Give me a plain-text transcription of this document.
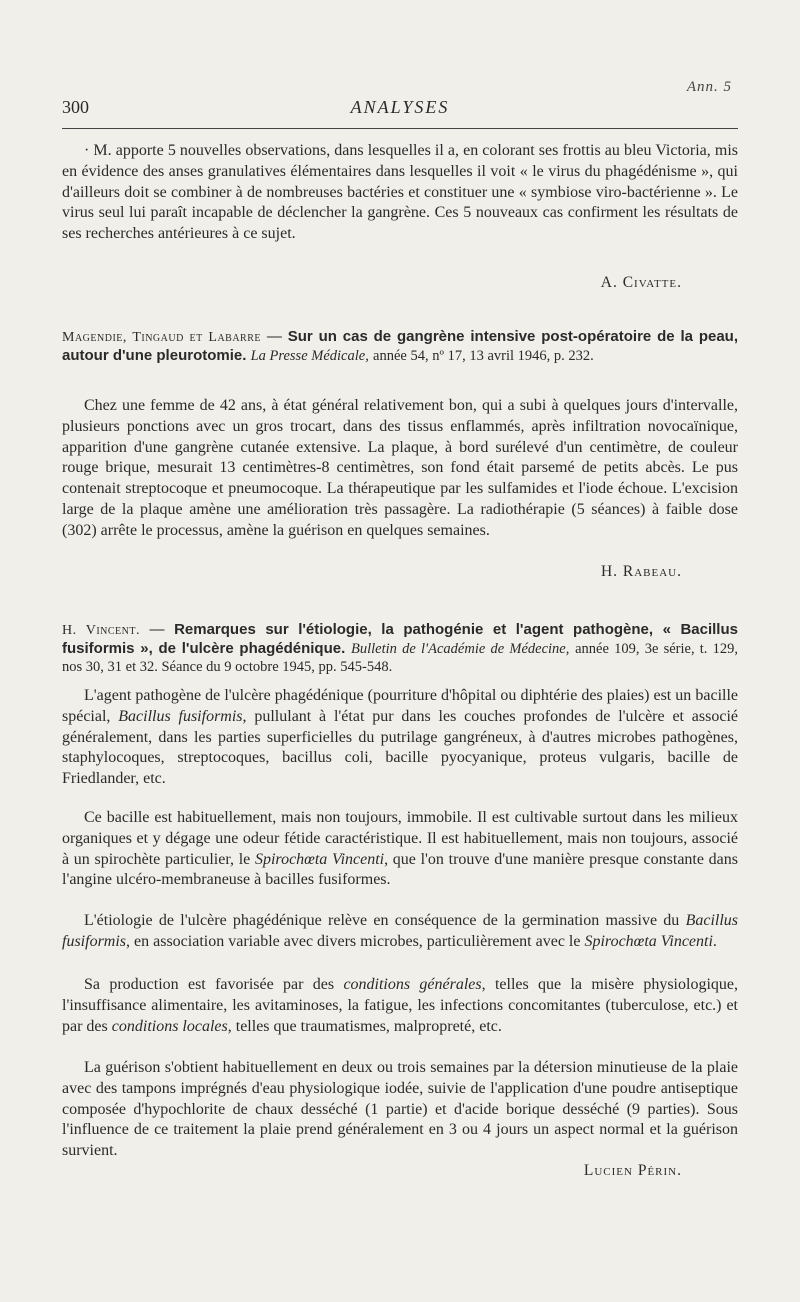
Ann. 5
300	ANALYSES

· M. apporte 5 nouvelles observations, dans lesquelles il a, en colorant ses frottis au bleu Victoria, mis en évidence des anses granulatives élémentaires dans lesquelles il voit « le virus du phagédénisme », qui d'ailleurs doit se combiner à de nombreuses bactéries et constituer une « symbiose viro-bactérienne ». Le virus seul lui paraît incapable de déclencher la gangrène. Ces 5 nouveaux cas confirment les résultats de ses recherches antérieures à ce sujet.

A. Civatte.

Magendie, Tingaud et Labarre — Sur un cas de gangrène intensive post-opératoire de la peau, autour d'une pleurotomie. La Presse Médicale, année 54, nº 17, 13 avril 1946, p. 232.

Chez une femme de 42 ans, à état général relativement bon, qui a subi à quelques jours d'intervalle, plusieurs ponctions avec un gros trocart, dans des tissus enflammés, après infiltration novocaïnique, apparition d'une gangrène cutanée extensive. La plaque, à bord surélevé d'un centimètre, de couleur rouge brique, mesurait 13 centimètres-8 centimètres, son fond était parsemé de petits abcès. Le pus contenait streptocoque et pneumocoque. La thérapeutique par les sulfamides et l'iode échoue. L'excision large de la plaque amène une amélioration très passagère. La radiothérapie (5 séances) à faible dose (302) arrête le processus, amène la guérison en quelques semaines.

H. Rabeau.

H. Vincent. — Remarques sur l'étiologie, la pathogénie et l'agent pathogène, « Bacillus fusiformis », de l'ulcère phagédénique. Bulletin de l'Académie de Médecine, année 109, 3e série, t. 129, nos 30, 31 et 32. Séance du 9 octobre 1945, pp. 545-548.

L'agent pathogène de l'ulcère phagédénique (pourriture d'hôpital ou diphtérie des plaies) est un bacille spécial, Bacillus fusiformis, pullulant à l'état pur dans les couches profondes de l'ulcère et associé généralement, dans les parties superficielles du putrilage gangréneux, à d'autres microbes pathogènes, staphylocoques, streptocoques, bacillus coli, bacille pyocyanique, proteus vulgaris, bacille de Friedlander, etc.

Ce bacille est habituellement, mais non toujours, immobile. Il est cultivable surtout dans les milieux organiques et y dégage une odeur fétide caractéristique. Il est habituellement, mais non toujours, associé à un spirochète particulier, le Spirochœta Vincenti, que l'on trouve d'une manière presque constante dans l'angine ulcéro-membraneuse à bacilles fusiformes.

L'étiologie de l'ulcère phagédénique relève en conséquence de la germination massive du Bacillus fusiformis, en association variable avec divers microbes, particulièrement avec le Spirochœta Vincenti.

Sa production est favorisée par des conditions générales, telles que la misère physiologique, l'insuffisance alimentaire, les avitaminoses, la fatigue, les infections concomitantes (tuberculose, etc.) et par des conditions locales, telles que traumatismes, malpropreté, etc.

La guérison s'obtient habituellement en deux ou trois semaines par la détersion minutieuse de la plaie avec des tampons imprégnés d'eau physiologique iodée, suivie de l'application d'une poudre antiseptique composée d'hypochlorite de chaux desséché (1 partie) et d'acide borique desséché (9 parties). Sous l'influence de ce traitement la plaie prend généralement en 3 ou 4 jours un aspect normal et la guérison survient.

Lucien Périn.
